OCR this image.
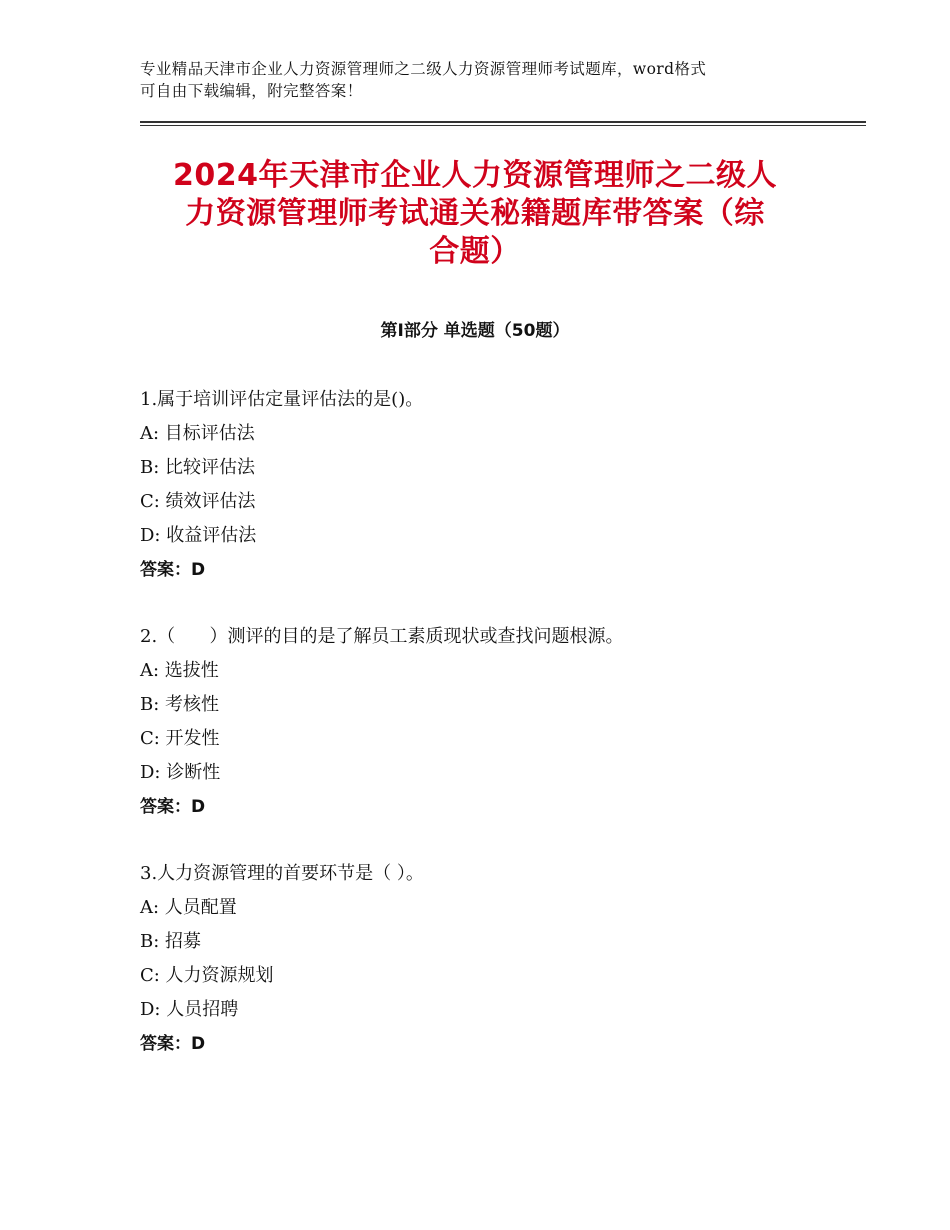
专业精品天津市企业人力资源管理师之二级人力资源管理师考试题库，word格式
可自由下载编辑，附完整答案！
2024年天津市企业人力资源管理师之二级人
力资源管理师考试通关秘籍题库带答案（综
合题）
第Ⅰ部分 单选题（50题）
1.属于培训评估定量评估法的是()。
A: 目标评估法
B: 比较评估法
C: 绩效评估法
D: 收益评估法
答案：D
2.（      ）测评的目的是了解员工素质现状或查找问题根源。
A: 选拔性
B: 考核性
C: 开发性
D: 诊断性
答案：D
3.人力资源管理的首要环节是（ ）。
A: 人员配置
B: 招募
C: 人力资源规划
D: 人员招聘
答案：D
